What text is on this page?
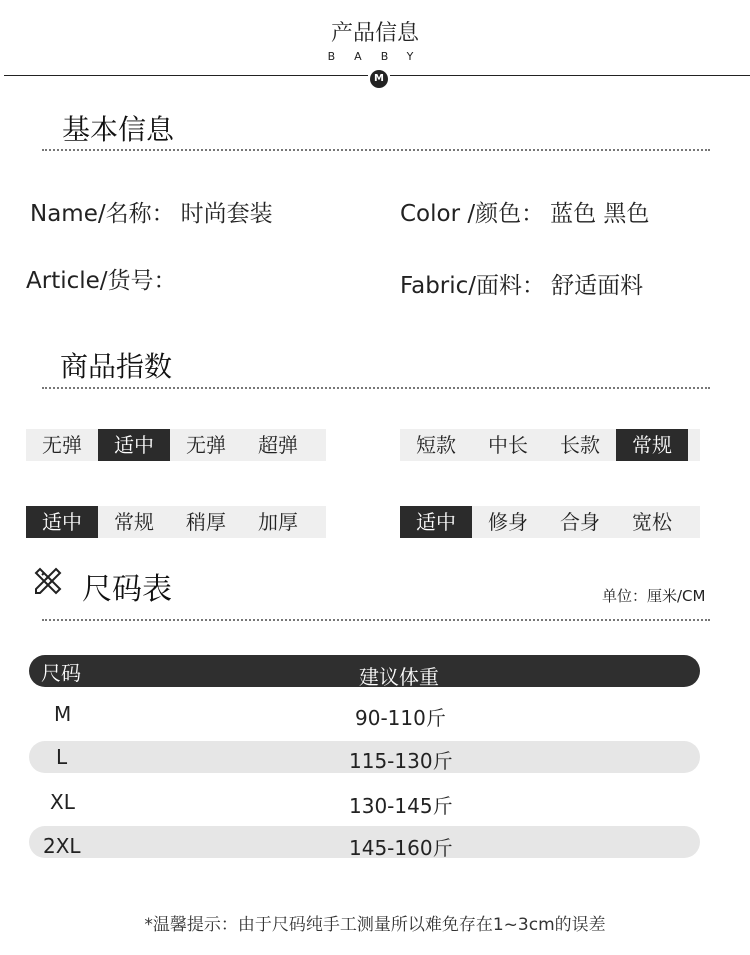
产品信息
BABY
M
基本信息
Name/名称： 时尚套装	Color /颜色： 蓝色 黑色
Article/货号：	Fabric/面料： 舒适面料
商品指数
无弹	适中	无弹	超弹	短款	中长	长款	常规
适中	常规	稍厚	加厚	适中	修身	合身	宽松
尺码表	单位：厘米/CM
尺码	建议体重
M	90-110斤
L	115-130斤
XL	130-145斤
2XL	145-160斤
*温馨提示：由于尺码纯手工测量所以难免存在1~3cm的误差
